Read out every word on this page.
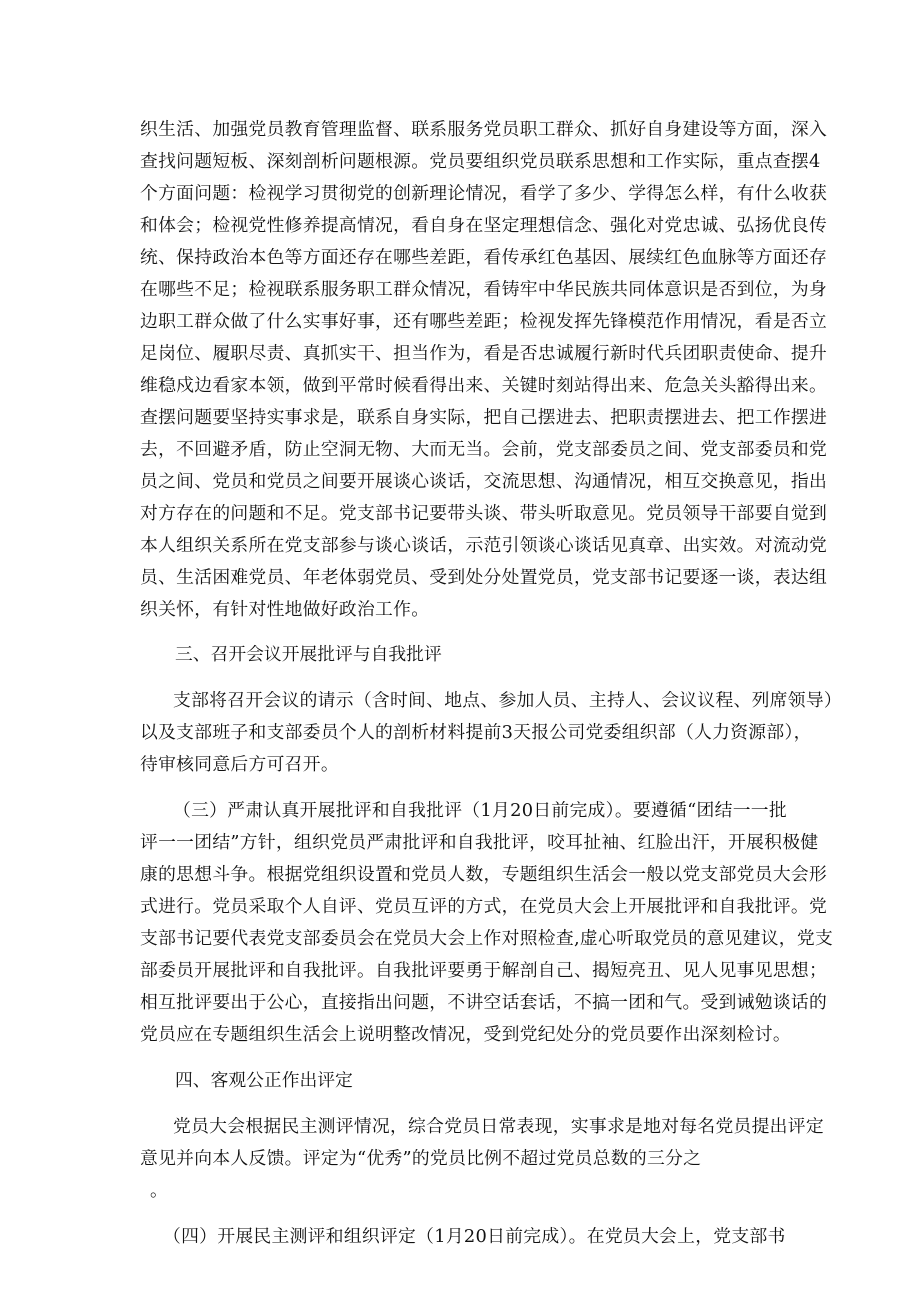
织生活、加强党员教育管理监督、联系服务党员职工群众、抓好自身建设等方面，深入
查找问题短板、深刻剖析问题根源。党员要组织党员联系思想和工作实际，重点查摆4
个方面问题：检视学习贯彻党的创新理论情况，看学了多少、学得怎么样，有什么收获
和体会；检视党性修养提高情况，看自身在坚定理想信念、强化对党忠诚、弘扬优良传
统、保持政治本色等方面还存在哪些差距，看传承红色基因、展续红色血脉等方面还存
在哪些不足；检视联系服务职工群众情况，看铸牢中华民族共同体意识是否到位，为身
边职工群众做了什么实事好事，还有哪些差距；检视发挥先锋模范作用情况，看是否立
足岗位、履职尽责、真抓实干、担当作为，看是否忠诚履行新时代兵团职责使命、提升
维稳戍边看家本领，做到平常时候看得出来、关键时刻站得出来、危急关头豁得出来。
查摆问题要坚持实事求是，联系自身实际，把自己摆进去、把职责摆进去、把工作摆进
去，不回避矛盾，防止空洞无物、大而无当。会前，党支部委员之间、党支部委员和党
员之间、党员和党员之间要开展谈心谈话，交流思想、沟通情况，相互交换意见，指出
对方存在的问题和不足。党支部书记要带头谈、带头听取意见。党员领导干部要自觉到
本人组织关系所在党支部参与谈心谈话，示范引领谈心谈话见真章、出实效。对流动党
员、生活困难党员、年老体弱党员、受到处分处置党员，党支部书记要逐一谈，表达组
织关怀，有针对性地做好政治工作。
三、召开会议开展批评与自我批评
支部将召开会议的请示（含时间、地点、参加人员、主持人、会议议程、列席领导）
以及支部班子和支部委员个人的剖析材料提前3天报公司党委组织部（人力资源部），
待审核同意后方可召开。
（三）严肃认真开展批评和自我批评（1月20日前完成）。要遵循“团结一一批
评一一团结”方针，组织党员严肃批评和自我批评，咬耳扯袖、红脸出汗，开展积极健
康的思想斗争。根据党组织设置和党员人数，专题组织生活会一般以党支部党员大会形
式进行。党员采取个人自评、党员互评的方式，在党员大会上开展批评和自我批评。党
支部书记要代表党支部委员会在党员大会上作对照检查,虚心听取党员的意见建议，党支
部委员开展批评和自我批评。自我批评要勇于解剖自己、揭短亮丑、见人见事见思想；
相互批评要出于公心，直接指出问题，不讲空话套话，不搞一团和气。受到诫勉谈话的
党员应在专题组织生活会上说明整改情况，受到党纪处分的党员要作出深刻检讨。
四、客观公正作出评定
党员大会根据民主测评情况，综合党员日常表现，实事求是地对每名党员提出评定
意见并向本人反馈。评定为“优秀”的党员比例不超过党员总数的三分之
。
（四）开展民主测评和组织评定（1月20日前完成）。在党员大会上，党支部书
